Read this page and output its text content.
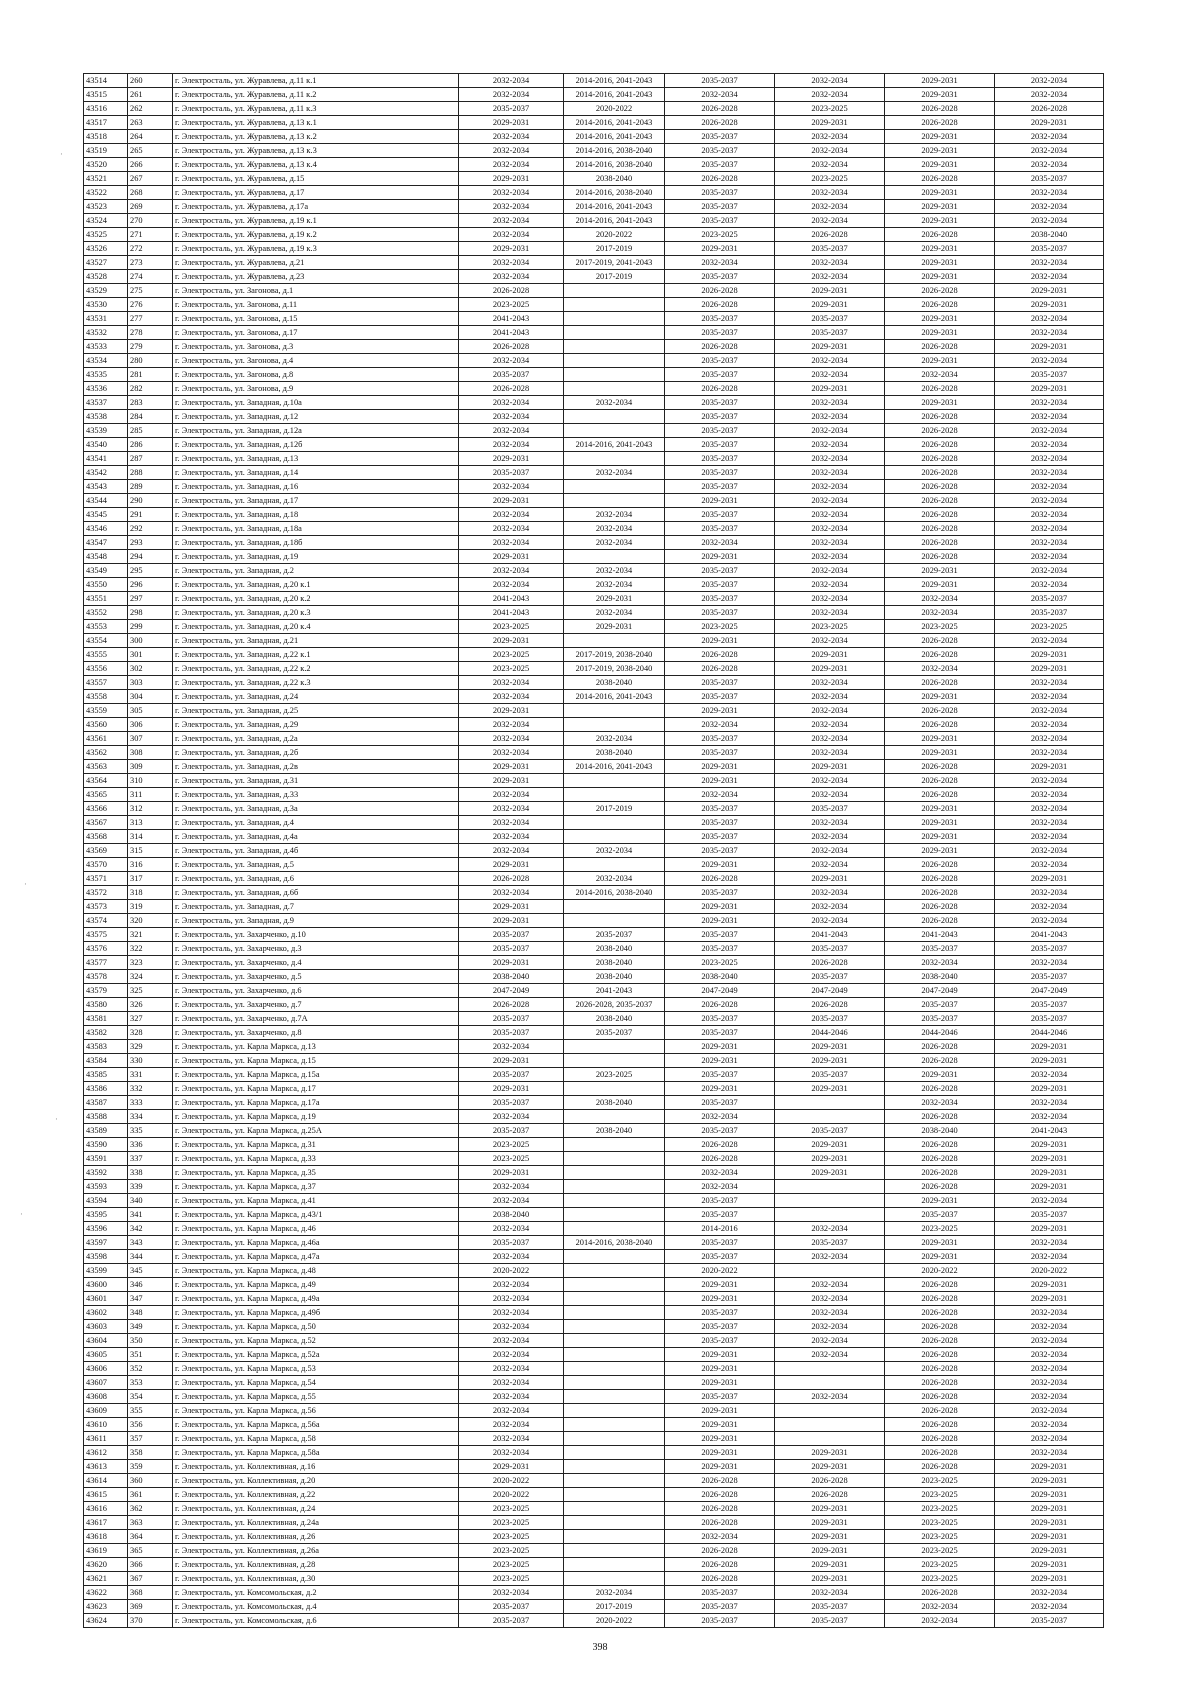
43514	260	г. Электросталь, ул. Журавлева, д.11 к.1	2032-2034	2014-2016, 2041-2043	2035-2037	2032-2034	2029-2031	2032-2034
43515	261	г. Электросталь, ул. Журавлева, д.11 к.2	2032-2034	2014-2016, 2041-2043	2032-2034	2032-2034	2029-2031	2032-2034
43516	262	г. Электросталь, ул. Журавлева, д.11 к.3	2035-2037	2020-2022	2026-2028	2023-2025	2026-2028	2026-2028
43517	263	г. Электросталь, ул. Журавлева, д.13 к.1	2029-2031	2014-2016, 2041-2043	2026-2028	2029-2031	2026-2028	2029-2031
43518	264	г. Электросталь, ул. Журавлева, д.13 к.2	2032-2034	2014-2016, 2041-2043	2035-2037	2032-2034	2029-2031	2032-2034
43519	265	г. Электросталь, ул. Журавлева, д.13 к.3	2032-2034	2014-2016, 2038-2040	2035-2037	2032-2034	2029-2031	2032-2034
43520	266	г. Электросталь, ул. Журавлева, д.13 к.4	2032-2034	2014-2016, 2038-2040	2035-2037	2032-2034	2029-2031	2032-2034
43521	267	г. Электросталь, ул. Журавлева, д.15	2029-2031	2038-2040	2026-2028	2023-2025	2026-2028	2035-2037
43522	268	г. Электросталь, ул. Журавлева, д.17	2032-2034	2014-2016, 2038-2040	2035-2037	2032-2034	2029-2031	2032-2034
43523	269	г. Электросталь, ул. Журавлева, д.17а	2032-2034	2014-2016, 2041-2043	2035-2037	2032-2034	2029-2031	2032-2034
43524	270	г. Электросталь, ул. Журавлева, д.19 к.1	2032-2034	2014-2016, 2041-2043	2035-2037	2032-2034	2029-2031	2032-2034
43525	271	г. Электросталь, ул. Журавлева, д.19 к.2	2032-2034	2020-2022	2023-2025	2026-2028	2026-2028	2038-2040
43526	272	г. Электросталь, ул. Журавлева, д.19 к.3	2029-2031	2017-2019	2029-2031	2035-2037	2029-2031	2035-2037
43527	273	г. Электросталь, ул. Журавлева, д.21	2032-2034	2017-2019, 2041-2043	2032-2034	2032-2034	2029-2031	2032-2034
43528	274	г. Электросталь, ул. Журавлева, д.23	2032-2034	2017-2019	2035-2037	2032-2034	2029-2031	2032-2034
43529	275	г. Электросталь, ул. Загонова, д.1	2026-2028		2026-2028	2029-2031	2026-2028	2029-2031
43530	276	г. Электросталь, ул. Загонова, д.11	2023-2025		2026-2028	2029-2031	2026-2028	2029-2031
43531	277	г. Электросталь, ул. Загонова, д.15	2041-2043		2035-2037	2035-2037	2029-2031	2032-2034
43532	278	г. Электросталь, ул. Загонова, д.17	2041-2043		2035-2037	2035-2037	2029-2031	2032-2034
43533	279	г. Электросталь, ул. Загонова, д.3	2026-2028		2026-2028	2029-2031	2026-2028	2029-2031
43534	280	г. Электросталь, ул. Загонова, д.4	2032-2034		2035-2037	2032-2034	2029-2031	2032-2034
43535	281	г. Электросталь, ул. Загонова, д.8	2035-2037		2035-2037	2032-2034	2032-2034	2035-2037
43536	282	г. Электросталь, ул. Загонова, д.9	2026-2028		2026-2028	2029-2031	2026-2028	2029-2031
43537	283	г. Электросталь, ул. Западная, д.10а	2032-2034	2032-2034	2035-2037	2032-2034	2029-2031	2032-2034
43538	284	г. Электросталь, ул. Западная, д.12	2032-2034		2035-2037	2032-2034	2026-2028	2032-2034
43539	285	г. Электросталь, ул. Западная, д.12а	2032-2034		2035-2037	2032-2034	2026-2028	2032-2034
43540	286	г. Электросталь, ул. Западная, д.12б	2032-2034	2014-2016, 2041-2043	2035-2037	2032-2034	2026-2028	2032-2034
43541	287	г. Электросталь, ул. Западная, д.13	2029-2031		2035-2037	2032-2034	2026-2028	2032-2034
43542	288	г. Электросталь, ул. Западная, д.14	2035-2037	2032-2034	2035-2037	2032-2034	2026-2028	2032-2034
43543	289	г. Электросталь, ул. Западная, д.16	2032-2034		2035-2037	2032-2034	2026-2028	2032-2034
43544	290	г. Электросталь, ул. Западная, д.17	2029-2031		2029-2031	2032-2034	2026-2028	2032-2034
43545	291	г. Электросталь, ул. Западная, д.18	2032-2034	2032-2034	2035-2037	2032-2034	2026-2028	2032-2034
43546	292	г. Электросталь, ул. Западная, д.18а	2032-2034	2032-2034	2035-2037	2032-2034	2026-2028	2032-2034
43547	293	г. Электросталь, ул. Западная, д.18б	2032-2034	2032-2034	2032-2034	2032-2034	2026-2028	2032-2034
43548	294	г. Электросталь, ул. Западная, д.19	2029-2031		2029-2031	2032-2034	2026-2028	2032-2034
43549	295	г. Электросталь, ул. Западная, д.2	2032-2034	2032-2034	2035-2037	2032-2034	2029-2031	2032-2034
43550	296	г. Электросталь, ул. Западная, д.20 к.1	2032-2034	2032-2034	2035-2037	2032-2034	2029-2031	2032-2034
43551	297	г. Электросталь, ул. Западная, д.20 к.2	2041-2043	2029-2031	2035-2037	2032-2034	2032-2034	2035-2037
43552	298	г. Электросталь, ул. Западная, д.20 к.3	2041-2043	2032-2034	2035-2037	2032-2034	2032-2034	2035-2037
43553	299	г. Электросталь, ул. Западная, д.20 к.4	2023-2025	2029-2031	2023-2025	2023-2025	2023-2025	2023-2025
43554	300	г. Электросталь, ул. Западная, д.21	2029-2031		2029-2031	2032-2034	2026-2028	2032-2034
43555	301	г. Электросталь, ул. Западная, д.22 к.1	2023-2025	2017-2019, 2038-2040	2026-2028	2029-2031	2026-2028	2029-2031
43556	302	г. Электросталь, ул. Западная, д.22 к.2	2023-2025	2017-2019, 2038-2040	2026-2028	2029-2031	2032-2034	2029-2031
43557	303	г. Электросталь, ул. Западная, д.22 к.3	2032-2034	2038-2040	2035-2037	2032-2034	2026-2028	2032-2034
43558	304	г. Электросталь, ул. Западная, д.24	2032-2034	2014-2016, 2041-2043	2035-2037	2032-2034	2029-2031	2032-2034
43559	305	г. Электросталь, ул. Западная, д.25	2029-2031		2029-2031	2032-2034	2026-2028	2032-2034
43560	306	г. Электросталь, ул. Западная, д.29	2032-2034		2032-2034	2032-2034	2026-2028	2032-2034
43561	307	г. Электросталь, ул. Западная, д.2а	2032-2034	2032-2034	2035-2037	2032-2034	2029-2031	2032-2034
43562	308	г. Электросталь, ул. Западная, д.2б	2032-2034	2038-2040	2035-2037	2032-2034	2029-2031	2032-2034
43563	309	г. Электросталь, ул. Западная, д.2в	2029-2031	2014-2016, 2041-2043	2029-2031	2029-2031	2026-2028	2029-2031
43564	310	г. Электросталь, ул. Западная, д.31	2029-2031		2029-2031	2032-2034	2026-2028	2032-2034
43565	311	г. Электросталь, ул. Западная, д.33	2032-2034		2032-2034	2032-2034	2026-2028	2032-2034
43566	312	г. Электросталь, ул. Западная, д.3а	2032-2034	2017-2019	2035-2037	2035-2037	2029-2031	2032-2034
43567	313	г. Электросталь, ул. Западная, д.4	2032-2034		2035-2037	2032-2034	2029-2031	2032-2034
43568	314	г. Электросталь, ул. Западная, д.4а	2032-2034		2035-2037	2032-2034	2029-2031	2032-2034
43569	315	г. Электросталь, ул. Западная, д.4б	2032-2034	2032-2034	2035-2037	2032-2034	2029-2031	2032-2034
43570	316	г. Электросталь, ул. Западная, д.5	2029-2031		2029-2031	2032-2034	2026-2028	2032-2034
43571	317	г. Электросталь, ул. Западная, д.6	2026-2028	2032-2034	2026-2028	2029-2031	2026-2028	2029-2031
43572	318	г. Электросталь, ул. Западная, д.6б	2032-2034	2014-2016, 2038-2040	2035-2037	2032-2034	2026-2028	2032-2034
43573	319	г. Электросталь, ул. Западная, д.7	2029-2031		2029-2031	2032-2034	2026-2028	2032-2034
43574	320	г. Электросталь, ул. Западная, д.9	2029-2031		2029-2031	2032-2034	2026-2028	2032-2034
43575	321	г. Электросталь, ул. Захарченко, д.10	2035-2037	2035-2037	2035-2037	2041-2043	2041-2043	2041-2043
43576	322	г. Электросталь, ул. Захарченко, д.3	2035-2037	2038-2040	2035-2037	2035-2037	2035-2037	2035-2037
43577	323	г. Электросталь, ул. Захарченко, д.4	2029-2031	2038-2040	2023-2025	2026-2028	2032-2034	2032-2034
43578	324	г. Электросталь, ул. Захарченко, д.5	2038-2040	2038-2040	2038-2040	2035-2037	2038-2040	2035-2037
43579	325	г. Электросталь, ул. Захарченко, д.6	2047-2049	2041-2043	2047-2049	2047-2049	2047-2049	2047-2049
43580	326	г. Электросталь, ул. Захарченко, д.7	2026-2028	2026-2028, 2035-2037	2026-2028	2026-2028	2035-2037	2035-2037
43581	327	г. Электросталь, ул. Захарченко, д.7А	2035-2037	2038-2040	2035-2037	2035-2037	2035-2037	2035-2037
43582	328	г. Электросталь, ул. Захарченко, д.8	2035-2037	2035-2037	2035-2037	2044-2046	2044-2046	2044-2046
43583	329	г. Электросталь, ул. Карла Маркса, д.13	2032-2034		2029-2031	2029-2031	2026-2028	2029-2031
43584	330	г. Электросталь, ул. Карла Маркса, д.15	2029-2031		2029-2031	2029-2031	2026-2028	2029-2031
43585	331	г. Электросталь, ул. Карла Маркса, д.15а	2035-2037	2023-2025	2035-2037	2035-2037	2029-2031	2032-2034
43586	332	г. Электросталь, ул. Карла Маркса, д.17	2029-2031		2029-2031	2029-2031	2026-2028	2029-2031
43587	333	г. Электросталь, ул. Карла Маркса, д.17а	2035-2037	2038-2040	2035-2037		2032-2034	2032-2034
43588	334	г. Электросталь, ул. Карла Маркса, д.19	2032-2034		2032-2034		2026-2028	2032-2034
43589	335	г. Электросталь, ул. Карла Маркса, д.25А	2035-2037	2038-2040	2035-2037	2035-2037	2038-2040	2041-2043
43590	336	г. Электросталь, ул. Карла Маркса, д.31	2023-2025		2026-2028	2029-2031	2026-2028	2029-2031
43591	337	г. Электросталь, ул. Карла Маркса, д.33	2023-2025		2026-2028	2029-2031	2026-2028	2029-2031
43592	338	г. Электросталь, ул. Карла Маркса, д.35	2029-2031		2032-2034	2029-2031	2026-2028	2029-2031
43593	339	г. Электросталь, ул. Карла Маркса, д.37	2032-2034		2032-2034		2026-2028	2029-2031
43594	340	г. Электросталь, ул. Карла Маркса, д.41	2032-2034		2035-2037		2029-2031	2032-2034
43595	341	г. Электросталь, ул. Карла Маркса, д.43/1	2038-2040		2035-2037		2035-2037	2035-2037
43596	342	г. Электросталь, ул. Карла Маркса, д.46	2032-2034		2014-2016	2032-2034	2023-2025	2029-2031
43597	343	г. Электросталь, ул. Карла Маркса, д.46а	2035-2037	2014-2016, 2038-2040	2035-2037	2035-2037	2029-2031	2032-2034
43598	344	г. Электросталь, ул. Карла Маркса, д.47а	2032-2034		2035-2037	2032-2034	2029-2031	2032-2034
43599	345	г. Электросталь, ул. Карла Маркса, д.48	2020-2022		2020-2022		2020-2022	2020-2022
43600	346	г. Электросталь, ул. Карла Маркса, д.49	2032-2034		2029-2031	2032-2034	2026-2028	2029-2031
43601	347	г. Электросталь, ул. Карла Маркса, д.49а	2032-2034		2029-2031	2032-2034	2026-2028	2029-2031
43602	348	г. Электросталь, ул. Карла Маркса, д.49б	2032-2034		2035-2037	2032-2034	2026-2028	2032-2034
43603	349	г. Электросталь, ул. Карла Маркса, д.50	2032-2034		2035-2037	2032-2034	2026-2028	2032-2034
43604	350	г. Электросталь, ул. Карла Маркса, д.52	2032-2034		2035-2037	2032-2034	2026-2028	2032-2034
43605	351	г. Электросталь, ул. Карла Маркса, д.52а	2032-2034		2029-2031	2032-2034	2026-2028	2032-2034
43606	352	г. Электросталь, ул. Карла Маркса, д.53	2032-2034		2029-2031		2026-2028	2032-2034
43607	353	г. Электросталь, ул. Карла Маркса, д.54	2032-2034		2029-2031		2026-2028	2032-2034
43608	354	г. Электросталь, ул. Карла Маркса, д.55	2032-2034		2035-2037	2032-2034	2026-2028	2032-2034
43609	355	г. Электросталь, ул. Карла Маркса, д.56	2032-2034		2029-2031		2026-2028	2032-2034
43610	356	г. Электросталь, ул. Карла Маркса, д.56а	2032-2034		2029-2031		2026-2028	2032-2034
43611	357	г. Электросталь, ул. Карла Маркса, д.58	2032-2034		2029-2031		2026-2028	2032-2034
43612	358	г. Электросталь, ул. Карла Маркса, д.58а	2032-2034		2029-2031	2029-2031	2026-2028	2032-2034
43613	359	г. Электросталь, ул. Коллективная, д.16	2029-2031		2029-2031	2029-2031	2026-2028	2029-2031
43614	360	г. Электросталь, ул. Коллективная, д.20	2020-2022		2026-2028	2026-2028	2023-2025	2029-2031
43615	361	г. Электросталь, ул. Коллективная, д.22	2020-2022		2026-2028	2026-2028	2023-2025	2029-2031
43616	362	г. Электросталь, ул. Коллективная, д.24	2023-2025		2026-2028	2029-2031	2023-2025	2029-2031
43617	363	г. Электросталь, ул. Коллективная, д.24а	2023-2025		2026-2028	2029-2031	2023-2025	2029-2031
43618	364	г. Электросталь, ул. Коллективная, д.26	2023-2025		2032-2034	2029-2031	2023-2025	2029-2031
43619	365	г. Электросталь, ул. Коллективная, д.26а	2023-2025		2026-2028	2029-2031	2023-2025	2029-2031
43620	366	г. Электросталь, ул. Коллективная, д.28	2023-2025		2026-2028	2029-2031	2023-2025	2029-2031
43621	367	г. Электросталь, ул. Коллективная, д.30	2023-2025		2026-2028	2029-2031	2023-2025	2029-2031
43622	368	г. Электросталь, ул. Комсомольская, д.2	2032-2034	2032-2034	2035-2037	2032-2034	2026-2028	2032-2034
43623	369	г. Электросталь, ул. Комсомольская, д.4	2035-2037	2017-2019	2035-2037	2035-2037	2032-2034	2032-2034
43624	370	г. Электросталь, ул. Комсомольская, д.6	2035-2037	2020-2022	2035-2037	2035-2037	2032-2034	2035-2037
398
·
·
·
·
